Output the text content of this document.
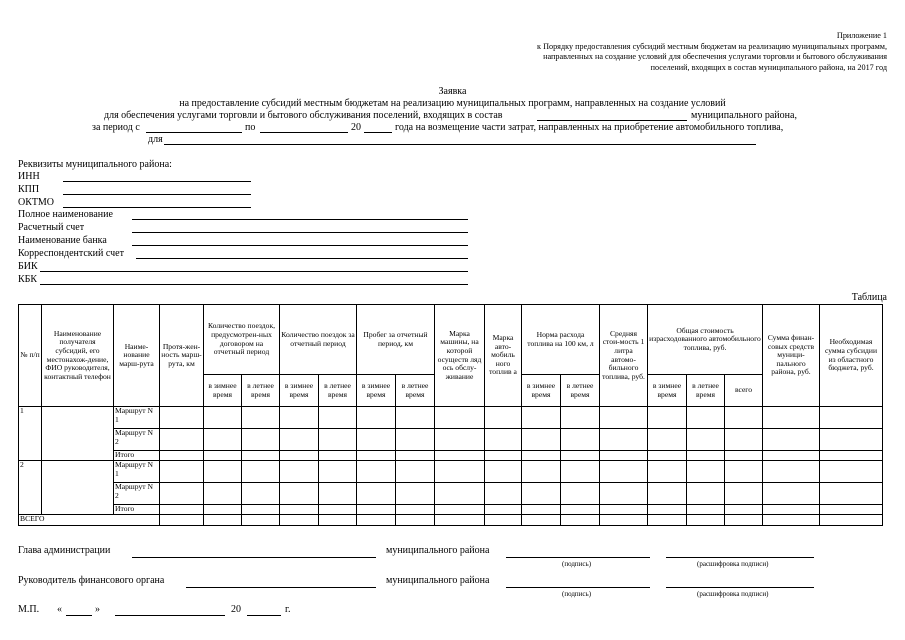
Приложение 1
к Порядку предоставления субсидий местным бюджетам на реализацию муниципальных программ,
направленных на создание условий для обеспечения услугами торговли и бытового обслуживания
поселений, входящих в состав муниципального района, на 2017 год
Заявка
на предоставление субсидий местным бюджетам на реализацию муниципальных программ, направленных на создание условий
для обеспечения услугами торговли и бытового обслуживания поселений, входящих в состав	муниципального района,
за период с	по	20	года на возмещение части затрат, направленных на приобретение автомобильного топлива,
для
Реквизиты муниципального района:
ИНН
КПП
ОКТМО
Полное наименование
Расчетный счет
Наименование банка
Корреспондентский счет
БИК
КБК
Таблица
№ п/п	Наименование получателя субсидий, его местонахож-дение, ФИО руководителя, контактный телефон	Наиме-нование марш-рута	Протя-жен-ность марш-рута, км	Количество поездок, предусмотрен-ных договором на отчетный период		Количество поездок за отчетный период		Пробег за отчетный период, км		Марка машины, на которой осуществ ляд ось обслу-живание	Марка авто-мобиль ного топлив а	Норма расхода топлива на 100 км, л		Средняя стои-мость 1 литра автомо-бильного топлива, руб.	Общая стоимость израсходованного автомобильного топлива, руб.			Сумма финан-совых средств муници-пального района, руб.	Необходимая сумма субсидии из областного бюджета, руб.
				в зимнее время	в летнее время	в зимнее время	в летнее время	в зимнее время	в летнее время			в зимнее время	в летнее время		в зимнее время	в летнее время	всего		
1		Маршрут N 1																	
		Маршрут N 2																	
		Итого																	
2		Маршрут N 1																	
		Маршрут N 2																	
		Итого																	
ВСЕГО																			
Глава администрации	муниципального района
(подпись)	(расшифровка подписи)
Руководитель финансового органа	муниципального района
(подпись)	(расшифровка подписи)
М.П. «	»	20	г.
